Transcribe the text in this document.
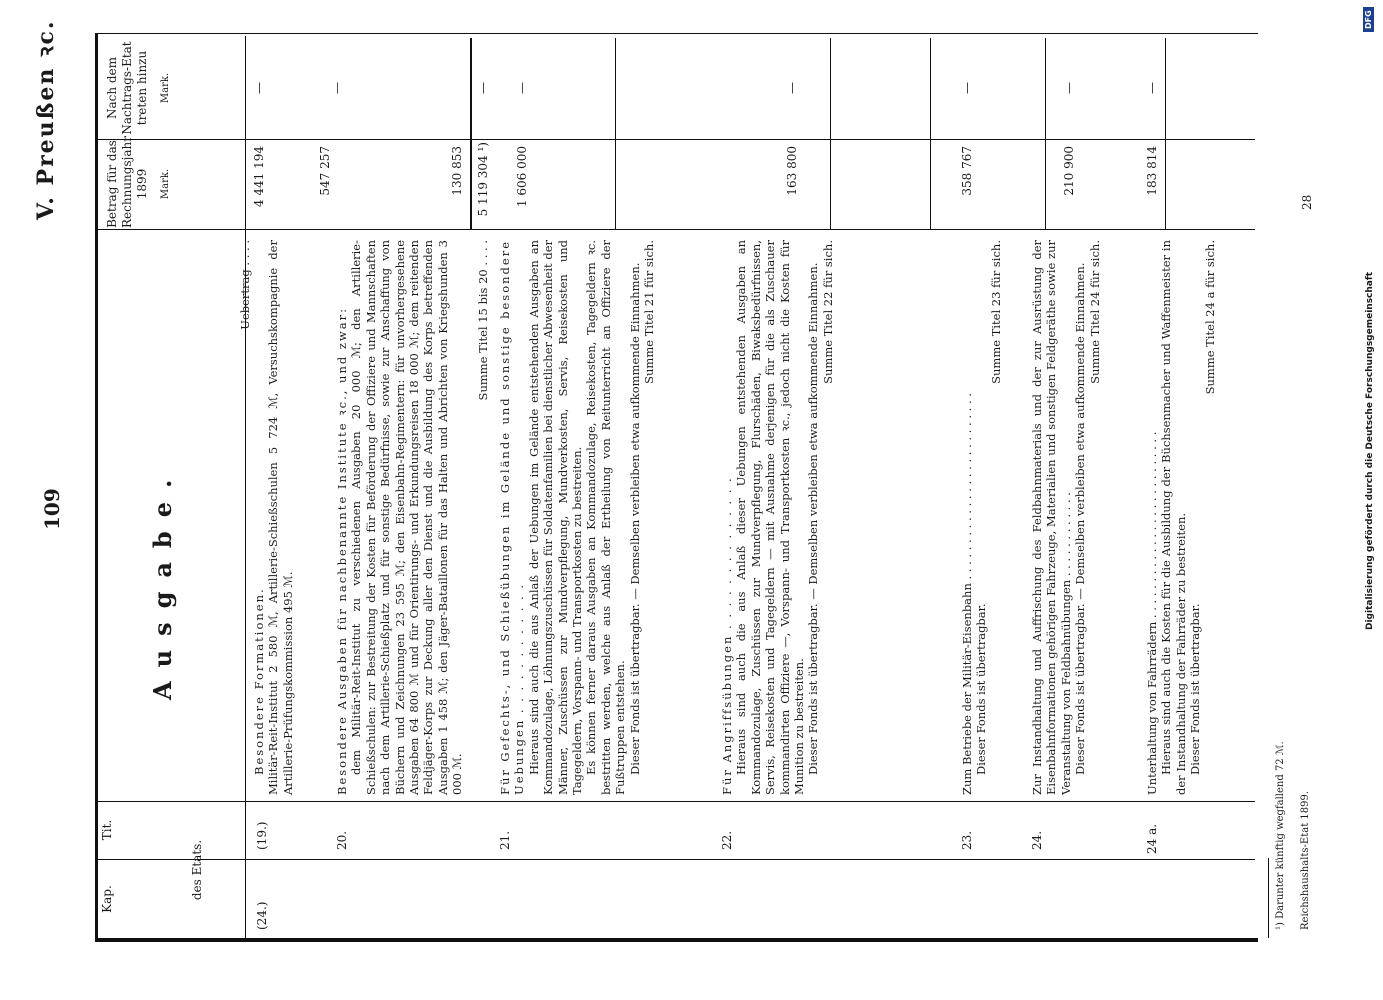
109
V. Preußen ꝛc.
Kap.
Tit.
des Etats.
Ausgabe.
Betrag für das Rechnungsjahr 1899 Mark.
Nach dem Nachtrags-Etat treten hinzu Mark.
(24.)
(19.)

Besondere Formationen. Militär-Reit-Institut 2 580 ℳ, Artillerie-Schießschulen 5 724 ℳ, Versuchskompagnie der Artillerie-Prüfungskommission 495 ℳ.

Uebertrag . . . .
4 441 194	547 257
—
20.

Besondere Ausgaben für nachbenannte Institute ꝛc., und zwar: dem Militär-Reit-Institut zu verschiedenen Ausgaben 20 000 ℳ; den Artillerie-Schießschulen: zur Bestreitung der Kosten für Beförderung der Offiziere und Mannschaften nach dem Artillerie-Schießplatz und für sonstige Bedürfnisse, sowie zur Anschaffung von Büchern und Zeichnungen 23 595 ℳ; den Eisenbahn-Regimentern: für unvorhergesehene Ausgaben 64 800 ℳ und für Orientirungs- und Erkundungsreisen 18 000 ℳ; dem reitenden Feldjäger-Korps zur Deckung aller den Dienst und die Ausbildung des Korps betreffenden Ausgaben 1 458 ℳ; den Jäger-Bataillonen für das Halten und Abrichten von Kriegshunden 3 000 ℳ.

130 853
—
Summe Titel 15 bis 20 . . . .
5 119 304 ¹)
—
21.

Für Gefechts-, und Schießübungen im Gelände und sonstige besondere Uebungen . . . . . . . . . . . . Hieraus sind auch die aus Anlaß der Uebungen im Gelände entstehenden Ausgaben an Kommandozulage, Löhnungszuschüssen für Soldatenfamilien bei dienstlicher Abwesenheit der Männer, Zuschüssen zur Mundverpflegung, Mundverkosten, Servis, Reisekosten und Tagegeldern, Vorspann- und Transportkosten zu bestreiten. Es können ferner daraus Ausgaben an Kommandozulage, Reisekosten, Tagegeldern ꝛc. bestritten werden, welche aus Anlaß der Ertheilung von Reitunterricht an Offiziere der Fußtruppen entstehen. Dieser Fonds ist übertragbar. — Demselben verbleiben etwa aufkommende Einnahmen. Summe Titel 21 für sich.

1 606 000
—
22.

Für Angriffsübungen . . . . . . . . . . . . . . Hieraus sind auch die aus Anlaß dieser Uebungen entstehenden Ausgaben an Kommandozulage, Zuschüssen zur Mundverpflegung, Flurschäden, Biwaksbedürfnissen, Servis, Reisekosten und Tagegeldern — mit Ausnahme derjenigen für die als Zuschauer kommandirten Offiziere —, Vorspann- und Transportkosten ꝛc., jedoch nicht die Kosten für Munition zu bestreiten. Dieser Fonds ist übertragbar. — Demselben verbleiben etwa aufkommende Einnahmen. Summe Titel 22 für sich.

163 800
—
23.

Zum Betriebe der Militär-Eisenbahn . . . . . . . . . . . . . . . . . . . . . . . . . . Dieser Fonds ist übertragbar.

Summe Titel 23 für sich.

358 767
—
24.

Zur Instandhaltung und Auffrischung des Feldbahnmaterials und der zur Ausrüstung der Eisenbahnformationen gehörigen Fahrzeuge, Materialien und sonstigen Feldgeräthe sowie zur Veranstaltung von Feldbahnübungen . . . . . . . . . . . . Dieser Fonds ist übertragbar. — Demselben verbleiben etwa aufkommende Einnahmen. Summe Titel 24 für sich.

210 900
—
24 a.

Unterhaltung von Fahrrädern . . . . . . . . . . . . . . . . . . . . . . . . . . Hieraus sind auch die Kosten für die Ausbildung der Büchsenmacher und Waffenmeister in der Instandhaltung der Fahrräder zu bestreiten. Dieser Fonds ist übertragbar.

Summe Titel 24 a für sich.

183 814
—
¹) Darunter künftig wegfallend 72 ℳ. Reichshaushalts-Etat 1899.
28
Digitalisierung gefördert durch die Deutsche Forschungsgemeinschaft
DFG
